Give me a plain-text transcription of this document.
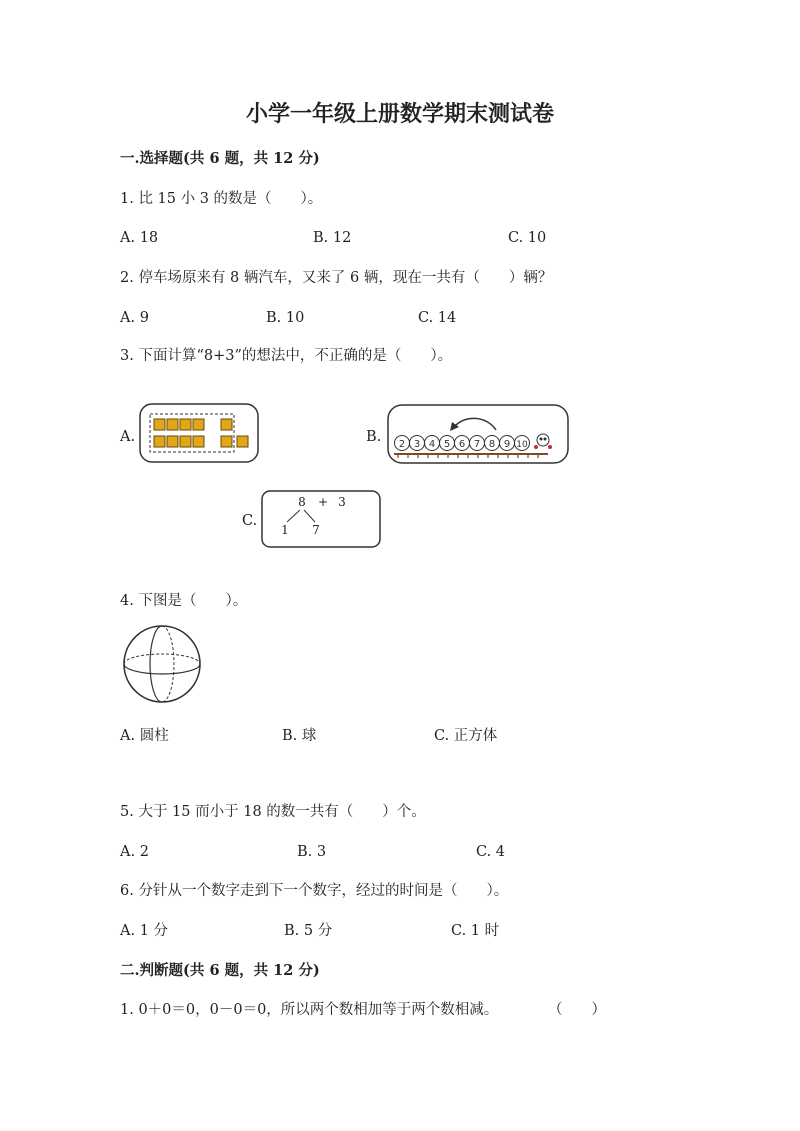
小学一年级上册数学期末测试卷
一.选择题(共 6 题，共 12 分)
1. 比 15 小 3 的数是（　　）。
A. 18	B. 12	C. 10
2. 停车场原来有 8 辆汽车，又来了 6 辆，现在一共有（　　）辆？
A. 9	B. 10	C. 14
3. 下面计算“8+3”的想法中，不正确的是（　　）。
A.	B. 2 3 4 5 6 7 8 9 10
C.
8 + 3
1 7
4. 下图是（　　）。
A. 圆柱	B. 球	C. 正方体
5. 大于 15 而小于 18 的数一共有（　　）个。
A. 2	B. 3	C. 4
6. 分针从一个数字走到下一个数字，经过的时间是（　　）。
A. 1 分	B. 5 分	C. 1 时
二.判断题(共 6 题，共 12 分)
1. 0＋0＝0，0－0＝0，所以两个数相加等于两个数相减。	（　　）
